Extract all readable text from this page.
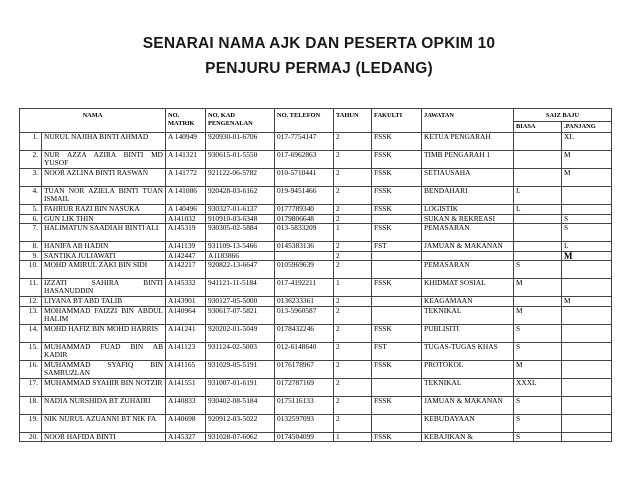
SENARAI NAMA AJK DAN PESERTA OPKIM 10
PENJURU PERMAJ (LEDANG)
NAMA		NO. MATRIK	NO. KAD PENGENALAN	NO. TELEFON	TAHUN	FAKULTI	JAWATAN	SAIZ BAJU	
								BIASA	.PANJANG
1.	NURUL NAJIHA BINTI AHMAD	A 140949	920930-01-6706	017-7754147	2	FSSK	KETUA PENGARAH		XL
2.	NUR AZZA AZIRA BINTI MD YUSOF	A 141321	930615-01-5550	017-6962863	2	FSSK	TIMB PENGARAH 1		M
3.	NOOR AZLINA BINTI RASWAN	A 141772	921122-06-5782	010-5710441	2	FSSK	SETIAUSAHA		M
4.	TUAN NOR AZIELA BINTI TUAN ISMAIL	A 141086	920428-03-6162	019-9451466	2	FSSK	BENDAHARI	L	
5.	FAHRUR RAZI BIN NASUKA	A 140496	930327-01-6137	0177789340	2	FSSK	LOGISTIK	L	
6.	GUN LIK THIN	A141032	910910-03-6348	0179806648	2		SUKAN & REKREASI		S
7.	HALIMATUN SAADIAH BINTI ALI	A145319	930305-02-5884	013-5833209	1	FSSK	PEMASARAN		S
8.	HANIFA AB HADIN	A141139	931109-13-5466	0145383136	2	FST	JAMUAN & MAKANAN		L
9.	SANTIKA JULIAWATI	A142447	A1183866		2				M
10.	MOHD AMIRUL ZAKI BIN SIDI	A142217	920822-13-6647	0105969639	2		PEMASARAN	S	
11.	IZZATI SAHIRA BINTI HASANUDDIN	A145332	941121-11-5184	017-4192211	1	FSSK	KHIDMAT SOSIAL	M	
12.	LIYANA BT ABD TALIB	A143901	930127-05-5000	0136233361	2		KEAGAMAAN		M
13.	MOHAMMAD FAIZZI BIN ABDUL HALIM	A140964	930617-07-5821	013-5960587	2		TEKNIKAL	M	
14.	MOHD HAFIZ BIN MOHD HARRIS	A141241	920202-01-5049	0178432246	2	FSSK	PUBLISITI	S	
15.	MUHAMMAD FUAD BIN AB KADIR	A141123	931124-02-5003	012-6148640	2	FST	TUGAS-TUGAS KHAS	S	
16.	MUHAMMAD SYAFIQ BIN SAMRUZLAN	A141165	931029-05-5191	0176178967	2	FSSK	PROTOKOL	M	
17.	MUHAMMAD SYAHIR BIN NOTZIR	A141551	931007-01-6191	0172787169	2		TEKNIKAL	XXXL	
18.	NADIA NURSHIDA BT ZUHAIRI	A140833	930402-08-5184	0175116133	2	FSSK	JAMUAN & MAKANAN	S	
19.	NIK NURUL AZUANNI BT NIK FA	A140698	920912-03-5022	0132597093	2		KEBUDAYAAN	S	
20.	NOOR HAFIDA BINTI	A145327	931028-07-6062	0174504099	1	FSSK	KEBAJIKAN &	S	
